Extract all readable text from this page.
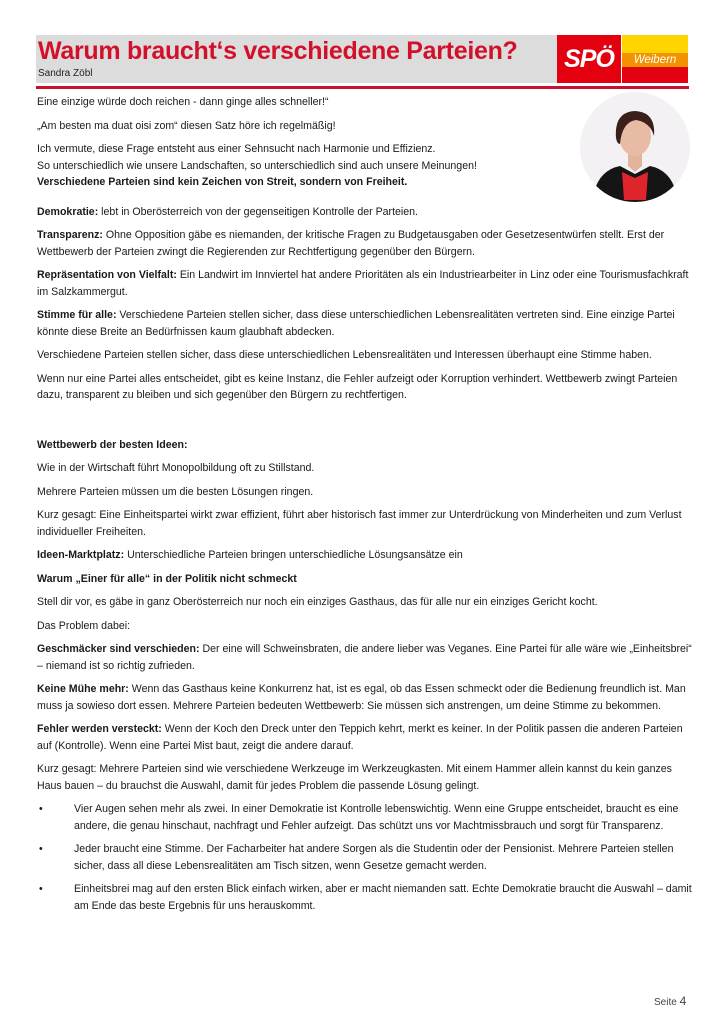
Warum braucht‘s verschiedene Parteien?
Sandra Zöbl
SPÖ	Weibern

Eine einzige würde doch reichen - dann ginge alles schneller!“

„Am besten ma duat oisi zom“ diesen Satz höre ich regelmäßig!

Ich vermute, diese Frage entsteht aus einer Sehnsucht nach Harmonie und Effizienz.
So unterschiedlich wie unsere Landschaften, so unterschiedlich sind auch unsere Meinungen!
Verschiedene Parteien sind kein Zeichen von Streit, sondern von Freiheit.

Demokratie: lebt in Oberösterreich von der gegenseitigen Kontrolle der Parteien.

Transparenz: Ohne Opposition gäbe es niemanden, der kritische Fragen zu Budgetausgaben oder Gesetzesentwürfen stellt. Erst der Wettbewerb der Parteien zwingt die Regierenden zur Rechtfertigung gegenüber den Bürgern.

Repräsentation von Vielfalt: Ein Landwirt im Innviertel hat andere Prioritäten als ein Industriearbeiter in Linz oder eine Tourismusfachkraft im Salzkammergut.

Stimme für alle: Verschiedene Parteien stellen sicher, dass diese unterschiedlichen Lebensrealitäten vertreten sind. Eine einzige Partei könnte diese Breite an Bedürfnissen kaum glaubhaft abdecken.

Verschiedene Parteien stellen sicher, dass diese unterschiedlichen Lebensrealitäten und Interessen überhaupt eine Stimme haben.

Wenn nur eine Partei alles entscheidet, gibt es keine Instanz, die Fehler aufzeigt oder Korruption verhindert. Wettbewerb zwingt Parteien dazu, transparent zu bleiben und sich gegenüber den Bürgern zu rechtfertigen.

Wettbewerb der besten Ideen:

Wie in der Wirtschaft führt Monopolbildung oft zu Stillstand.

Mehrere Parteien müssen um die besten Lösungen ringen.

Kurz gesagt: Eine Einheitspartei wirkt zwar effizient, führt aber historisch fast immer zur Unterdrückung von Minderheiten und zum Verlust individueller Freiheiten.

Ideen-Marktplatz: Unterschiedliche Parteien bringen unterschiedliche Lösungsansätze ein

Warum „Einer für alle“ in der Politik nicht schmeckt

Stell dir vor, es gäbe in ganz Oberösterreich nur noch ein einziges Gasthaus, das für alle nur ein einziges Gericht kocht.

Das Problem dabei:

Geschmäcker sind verschieden: Der eine will Schweinsbraten, die andere lieber was Veganes. Eine Partei für alle wäre wie „Einheitsbrei“ – niemand ist so richtig zufrieden.

Keine Mühe mehr: Wenn das Gasthaus keine Konkurrenz hat, ist es egal, ob das Essen schmeckt oder die Bedienung freundlich ist. Man muss ja sowieso dort essen. Mehrere Parteien bedeuten Wettbewerb: Sie müssen sich anstrengen, um deine Stimme zu bekommen.

Fehler werden versteckt: Wenn der Koch den Dreck unter den Teppich kehrt, merkt es keiner. In der Politik passen die anderen Parteien auf (Kontrolle). Wenn eine Partei Mist baut, zeigt die andere darauf.

Kurz gesagt: Mehrere Parteien sind wie verschiedene Werkzeuge im Werkzeugkasten. Mit einem Hammer allein kannst du kein ganzes Haus bauen – du brauchst die Auswahl, damit für jedes Problem die passende Lösung gelingt.

•	Vier Augen sehen mehr als zwei. In einer Demokratie ist Kontrolle lebenswichtig. Wenn eine Gruppe entscheidet, braucht es eine andere, die genau hinschaut, nachfragt und Fehler aufzeigt. Das schützt uns vor Machtmissbrauch und sorgt für Transparenz.
•	Jeder braucht eine Stimme. Der Facharbeiter hat andere Sorgen als die Studentin oder der Pensionist. Mehrere Parteien stellen sicher, dass all diese Lebensrealitäten am Tisch sitzen, wenn Gesetze gemacht werden.
•	Einheitsbrei mag auf den ersten Blick einfach wirken, aber er macht niemanden satt. Echte Demokratie braucht die Auswahl – damit am Ende das beste Ergebnis für uns herauskommt.
Seite 4
